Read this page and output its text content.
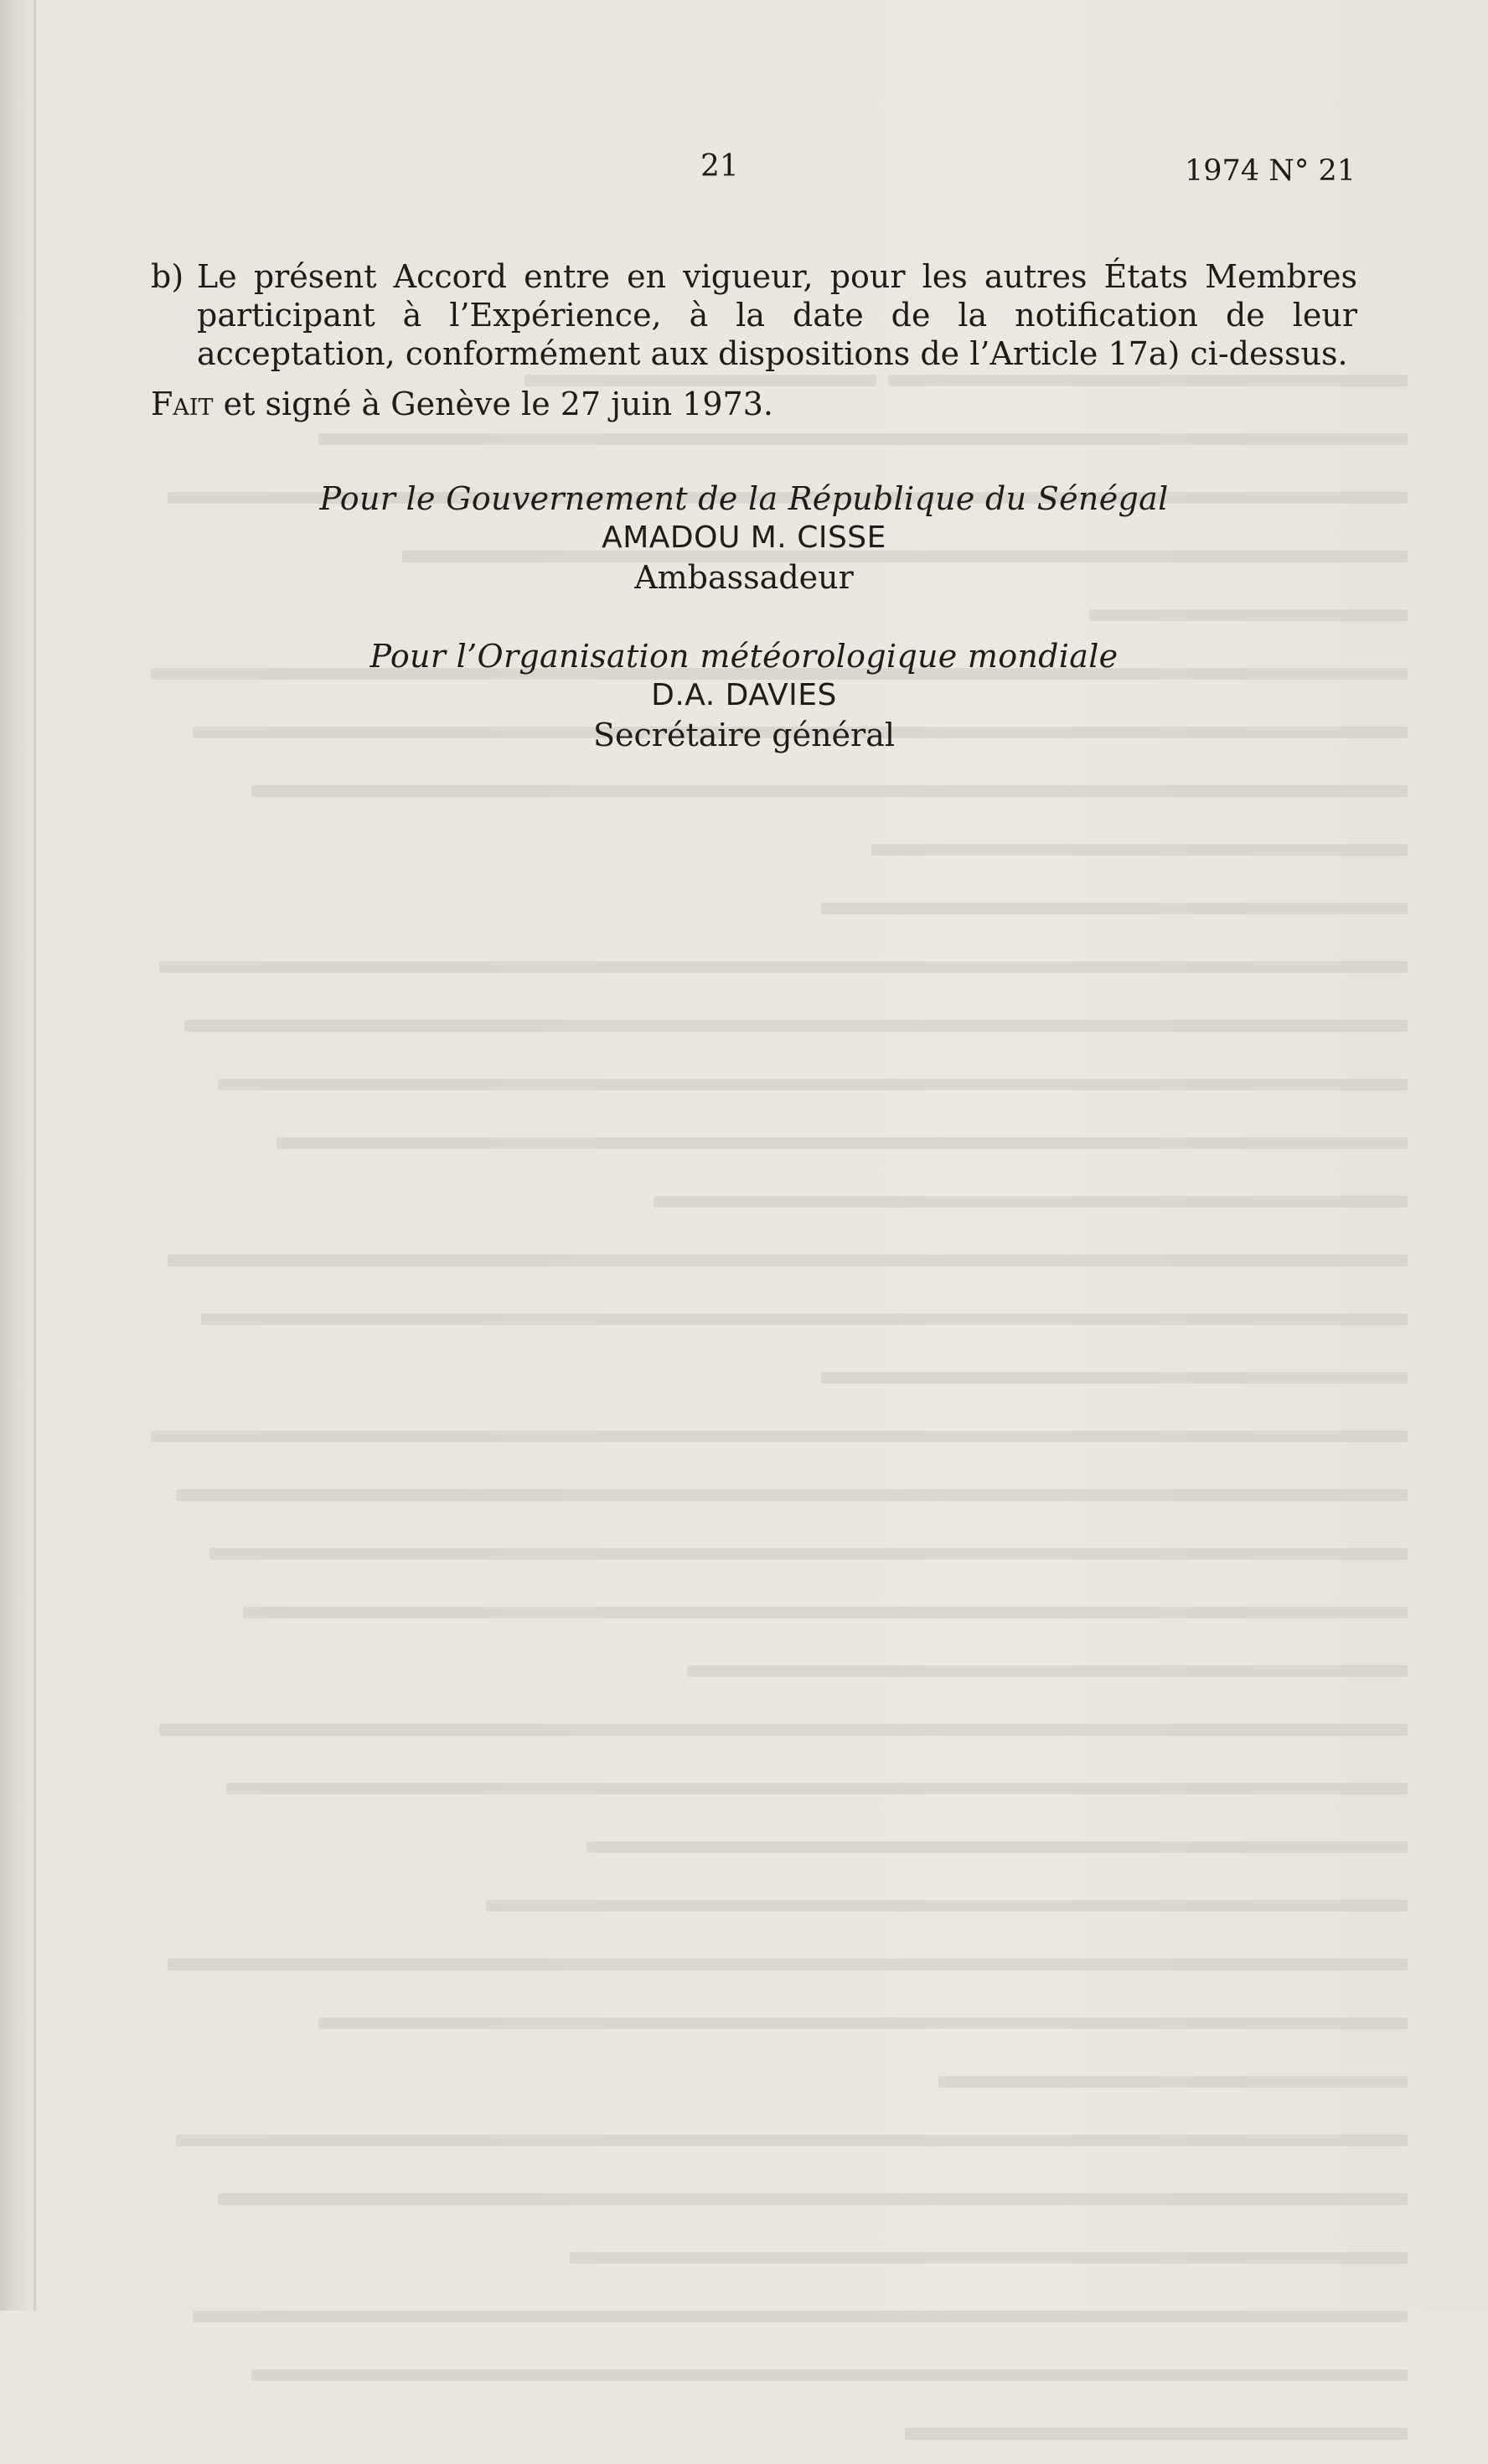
21	1974 N° 21
b) Le présent Accord entre en vigueur, pour les autres États Membres participant à l’Expérience, à la date de la notification de leur acceptation, conformément aux dispositions de l’Article 17a) ci-dessus.
Fait et signé à Genève le 27 juin 1973.
Pour le Gouvernement de la République du Sénégal
AMADOU M. CISSE
Ambassadeur
Pour l’Organisation météorologique mondiale
D.A. DAVIES
Secrétaire général
